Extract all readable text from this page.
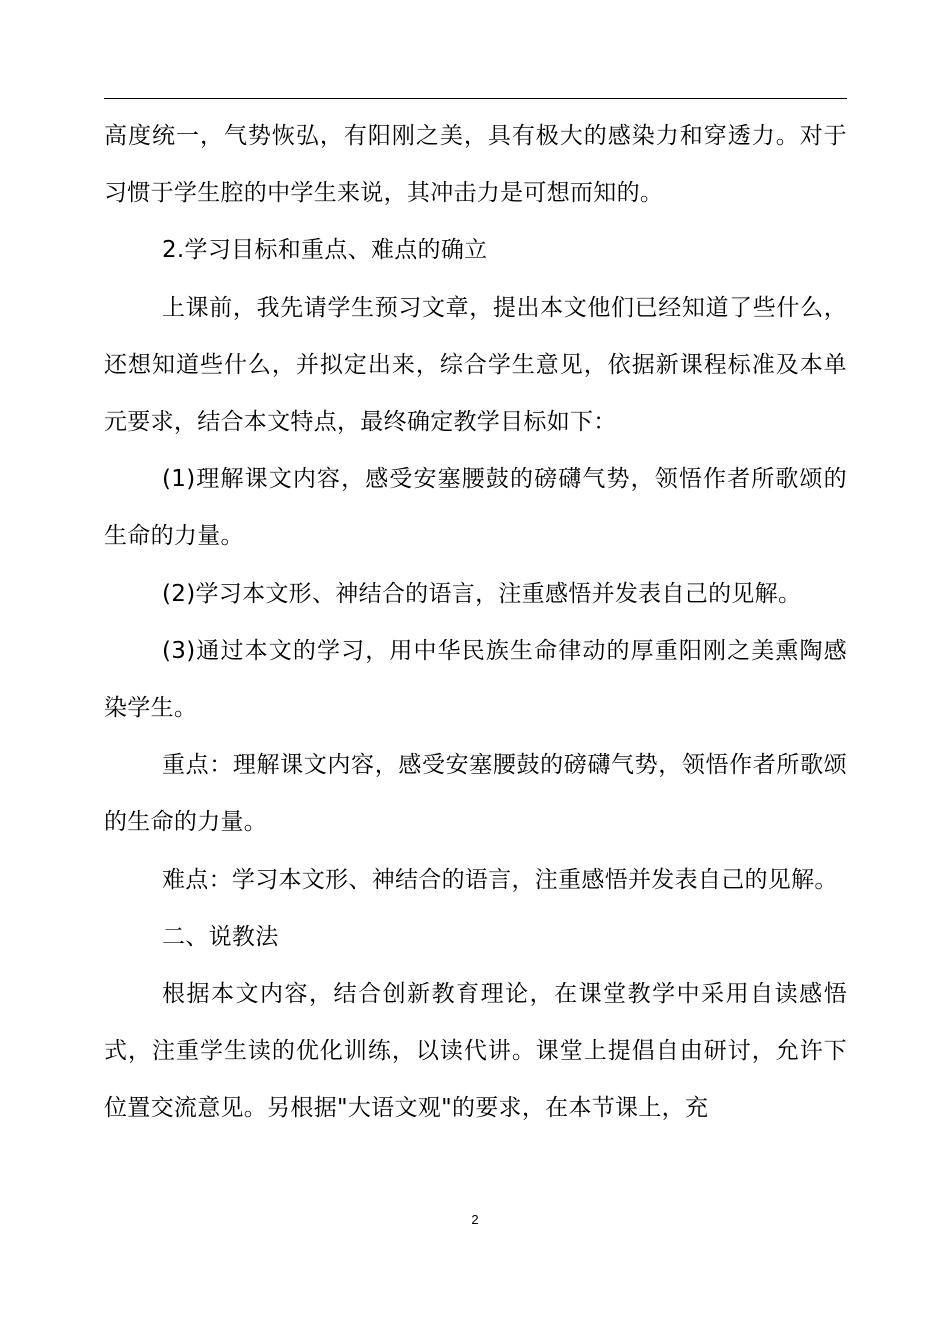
高度统一，气势恢弘，有阳刚之美，具有极大的感染力和穿透力。对于习惯于学生腔的中学生来说，其冲击力是可想而知的。

2.学习目标和重点、难点的确立

上课前，我先请学生预习文章，提出本文他们已经知道了些什么，还想知道些什么，并拟定出来，综合学生意见，依据新课程标准及本单元要求，结合本文特点，最终确定教学目标如下：

(1)理解课文内容，感受安塞腰鼓的磅礴气势，领悟作者所歌颂的生命的力量。

(2)学习本文形、神结合的语言，注重感悟并发表自己的见解。

(3)通过本文的学习，用中华民族生命律动的厚重阳刚之美熏陶感染学生。

重点：理解课文内容，感受安塞腰鼓的磅礴气势，领悟作者所歌颂的生命的力量。

难点：学习本文形、神结合的语言，注重感悟并发表自己的见解。

二、说教法

根据本文内容，结合创新教育理论，在课堂教学中采用自读感悟式，注重学生读的优化训练，以读代讲。课堂上提倡自由研讨，允许下位置交流意见。另根据"大语文观"的要求，在本节课上，充

2
